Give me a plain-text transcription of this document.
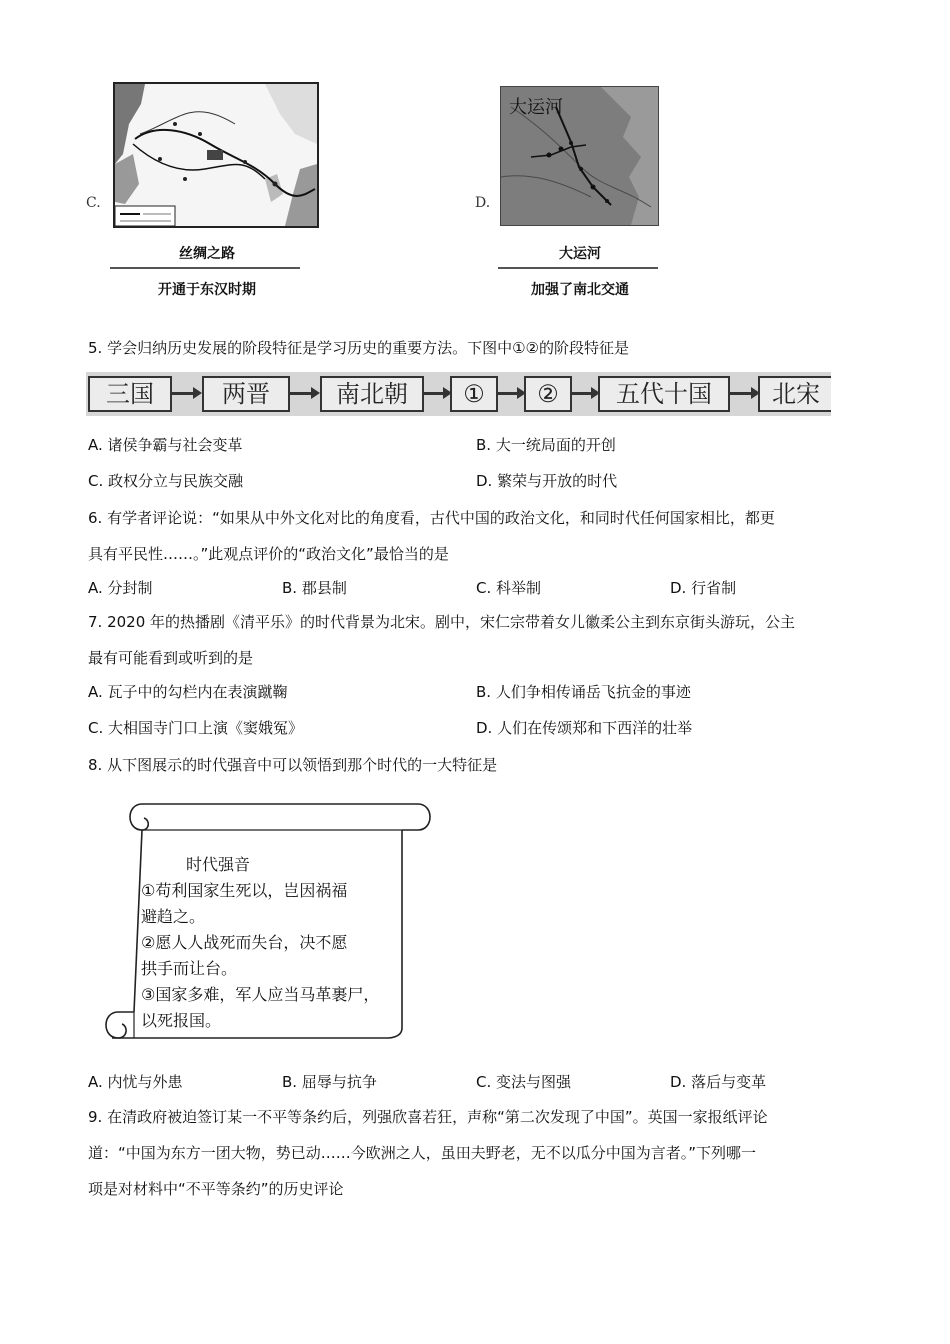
C.
丝绸之路
开通于东汉时期
D.
大运河
大运河
加强了南北交通
5. 学会归纳历史发展的阶段特征是学习历史的重要方法。下图中①②的阶段特征是
三国	两晋	南北朝	①	②	五代十国	北宋
A. 诸侯争霸与社会变革	B. 大一统局面的开创
C. 政权分立与民族交融	D. 繁荣与开放的时代
6. 有学者评论说：“如果从中外文化对比的角度看，古代中国的政治文化，和同时代任何国家相比，都更
具有平民性……。”此观点评价的“政治文化”最恰当的是
A. 分封制	B. 郡县制	C. 科举制	D. 行省制
7. 2020 年的热播剧《清平乐》的时代背景为北宋。剧中，宋仁宗带着女儿徽柔公主到东京街头游玩，公主
最有可能看到或听到的是
A. 瓦子中的勾栏内在表演蹴鞠	B. 人们争相传诵岳飞抗金的事迹
C. 大相国寺门口上演《窦娥冤》	D. 人们在传颂郑和下西洋的壮举
8. 从下图展示的时代强音中可以领悟到那个时代的一大特征是
时代强音
①苟利国家生死以，岂因祸福
避趋之。
②愿人人战死而失台，决不愿
拱手而让台。
③国家多难，军人应当马革裹尸，
以死报国。
A. 内忧与外患	B. 屈辱与抗争	C. 变法与图强	D. 落后与变革
9. 在清政府被迫签订某一不平等条约后，列强欣喜若狂，声称“第二次发现了中国”。英国一家报纸评论
道：“中国为东方一团大物，势已动……今欧洲之人，虽田夫野老，无不以瓜分中国为言者。”下列哪一
项是对材料中“不平等条约”的历史评论
